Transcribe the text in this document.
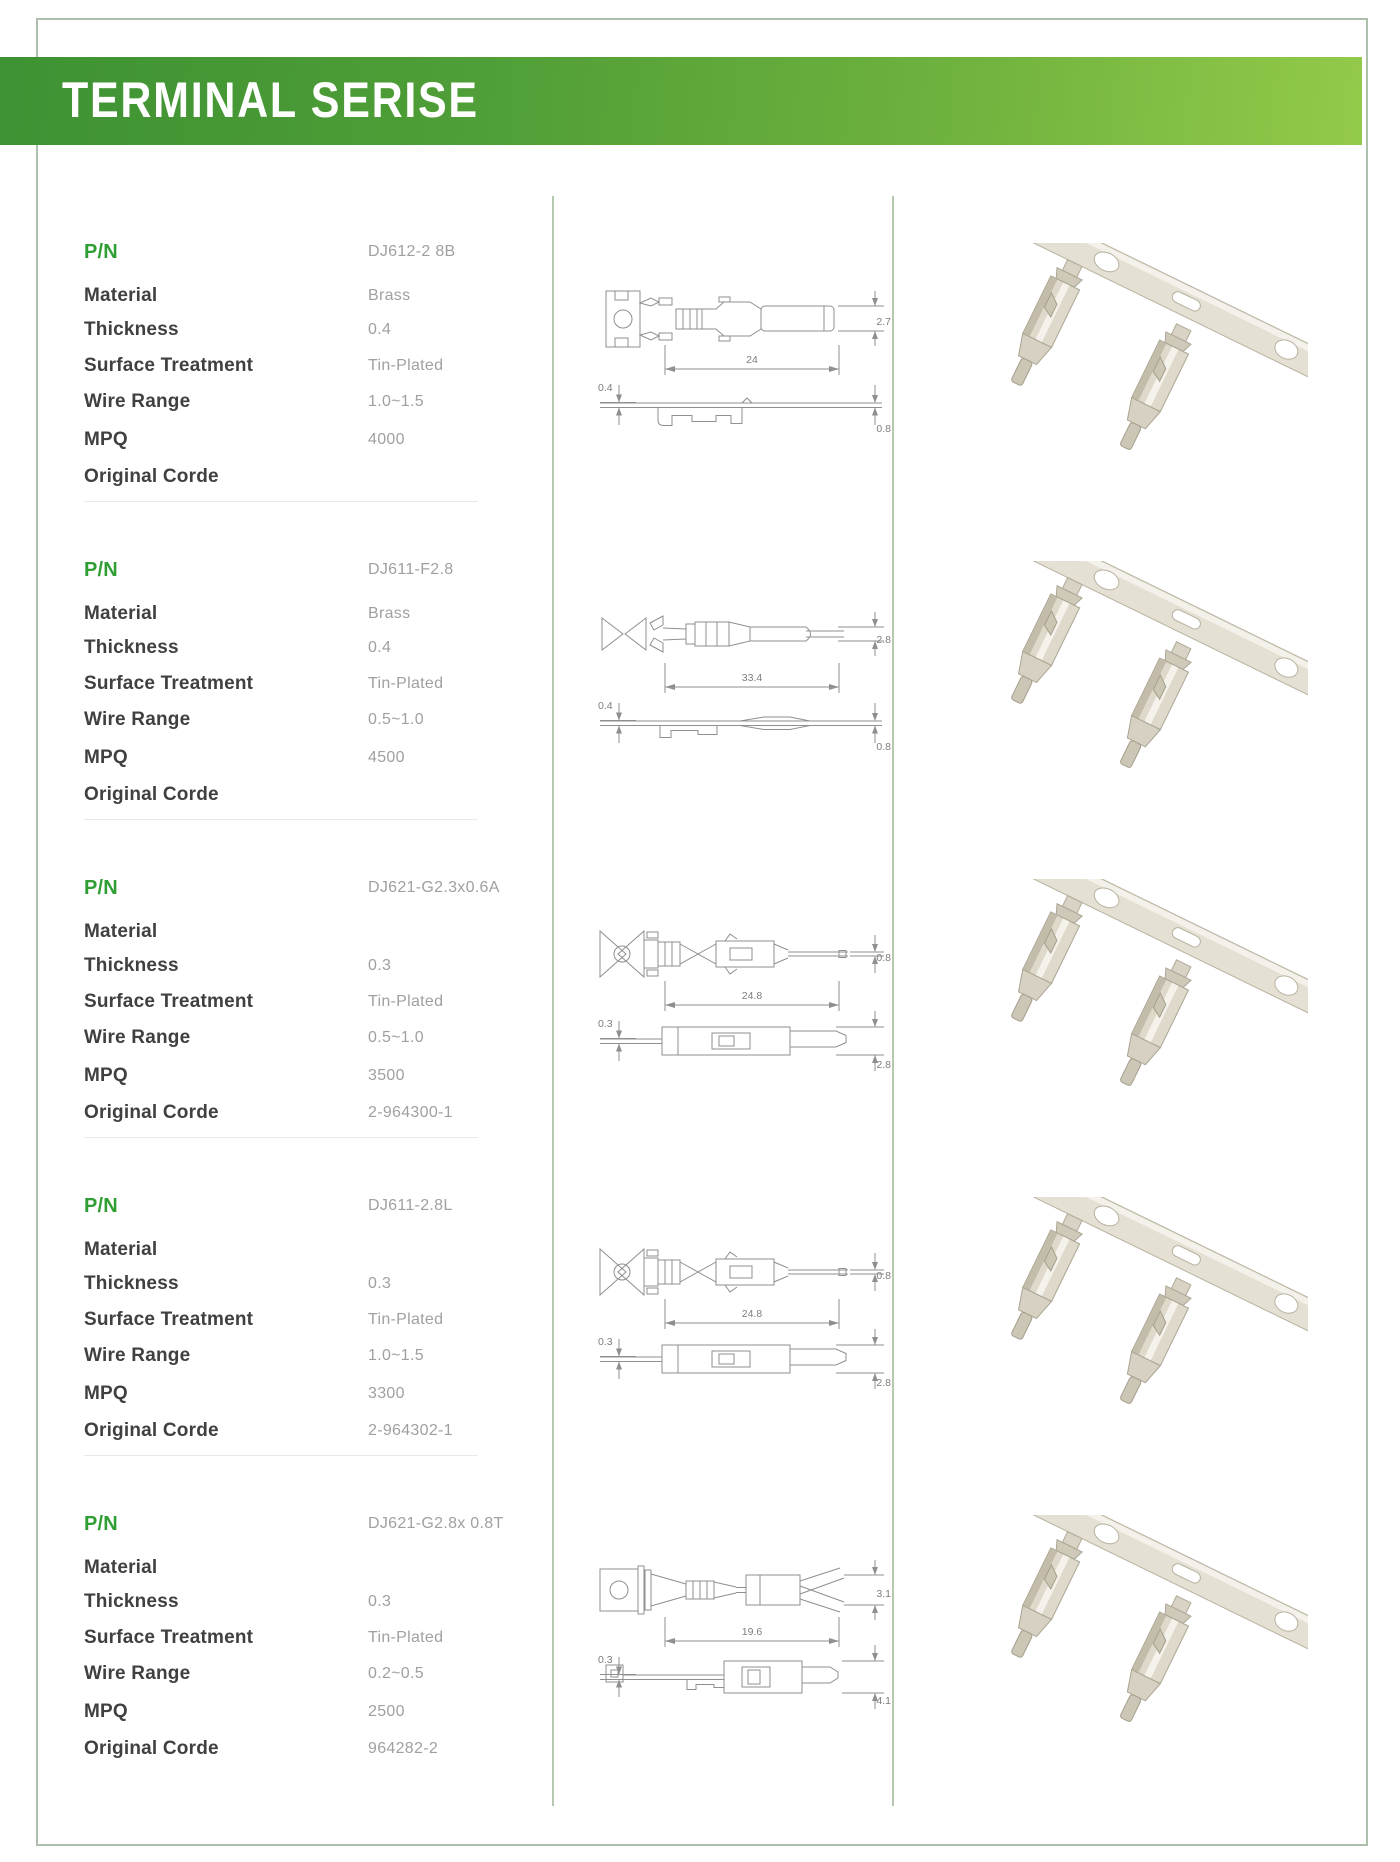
TERMINAL SERISE
P/N	DJ612-2 8B
Material	Brass
Thickness	0.4
Surface Treatment	Tin-Plated
Wire Range	1.0~1.5
MPQ	4000
Original Corde
24
0.4
2.7
0.8
P/N	DJ611-F2.8
Material	Brass
Thickness	0.4
Surface Treatment	Tin-Plated
Wire Range	0.5~1.0
MPQ	4500
Original Corde
33.4
0.4
2.8
0.8
P/N	DJ621-G2.3x0.6A
Material
Thickness	0.3
Surface Treatment	Tin-Plated
Wire Range	0.5~1.0
MPQ	3500
Original Corde	2-964300-1
24.8
0.3
0.8
2.8
P/N	DJ611-2.8L
Material
Thickness	0.3
Surface Treatment	Tin-Plated
Wire Range	1.0~1.5
MPQ	3300
Original Corde	2-964302-1
24.8
0.3
0.8
2.8
P/N	DJ621-G2.8x 0.8T
Material
Thickness	0.3
Surface Treatment	Tin-Plated
Wire Range	0.2~0.5
MPQ	2500
Original Corde	964282-2
19.6
0.3
3.1
4.1
